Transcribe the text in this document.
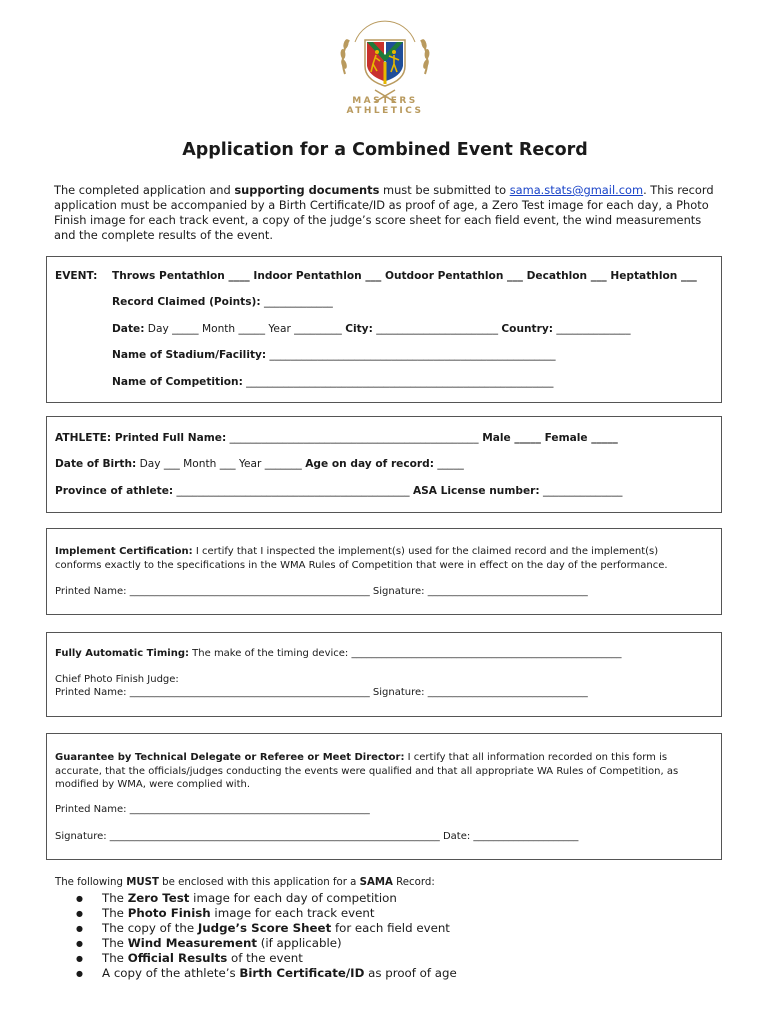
MASTERS
ATHLETICS
Application for a Combined Event Record
The completed application and supporting documents must be submitted to sama.stats@gmail.com. This record application must be accompanied by a Birth Certificate/ID as proof of age, a Zero Test image for each day, a Photo Finish image for each track event, a copy of the judge’s score sheet for each field event, the wind measurements and the complete results of the event.
EVENT: Throws Pentathlon ____ Indoor Pentathlon ___ Outdoor Pentathlon ___ Decathlon ___ Heptathlon ___
Record Claimed (Points): _____________
Date: Day _____ Month _____ Year _________ City: _______________________ Country: ______________
Name of Stadium/Facility: ______________________________________________________
Name of Competition: __________________________________________________________
ATHLETE: Printed Full Name: _______________________________________________ Male _____ Female _____
Date of Birth: Day ___ Month ___ Year _______ Age on day of record: _____
Province of athlete: ____________________________________________ ASA License number: _______________
Implement Certification: I certify that I inspected the implement(s) used for the claimed record and the implement(s) conforms exactly to the specifications in the WMA Rules of Competition that were in effect on the day of the performance.
Printed Name: ________________________________________________ Signature: ________________________________
Fully Automatic Timing: The make of the timing device: ______________________________________________________
Chief Photo Finish Judge:
Printed Name: ________________________________________________ Signature: ________________________________
Guarantee by Technical Delegate or Referee or Meet Director: I certify that all information recorded on this form is accurate, that the officials/judges conducting the events were qualified and that all appropriate WA Rules of Competition, as modified by WMA, were complied with.
Printed Name: ________________________________________________
Signature: __________________________________________________________________ Date: _____________________
The following MUST be enclosed with this application for a SAMA Record:
● The Zero Test image for each day of competition
● The Photo Finish image for each track event
● The copy of the Judge’s Score Sheet for each field event
● The Wind Measurement (if applicable)
● The Official Results of the event
● A copy of the athlete’s Birth Certificate/ID as proof of age
